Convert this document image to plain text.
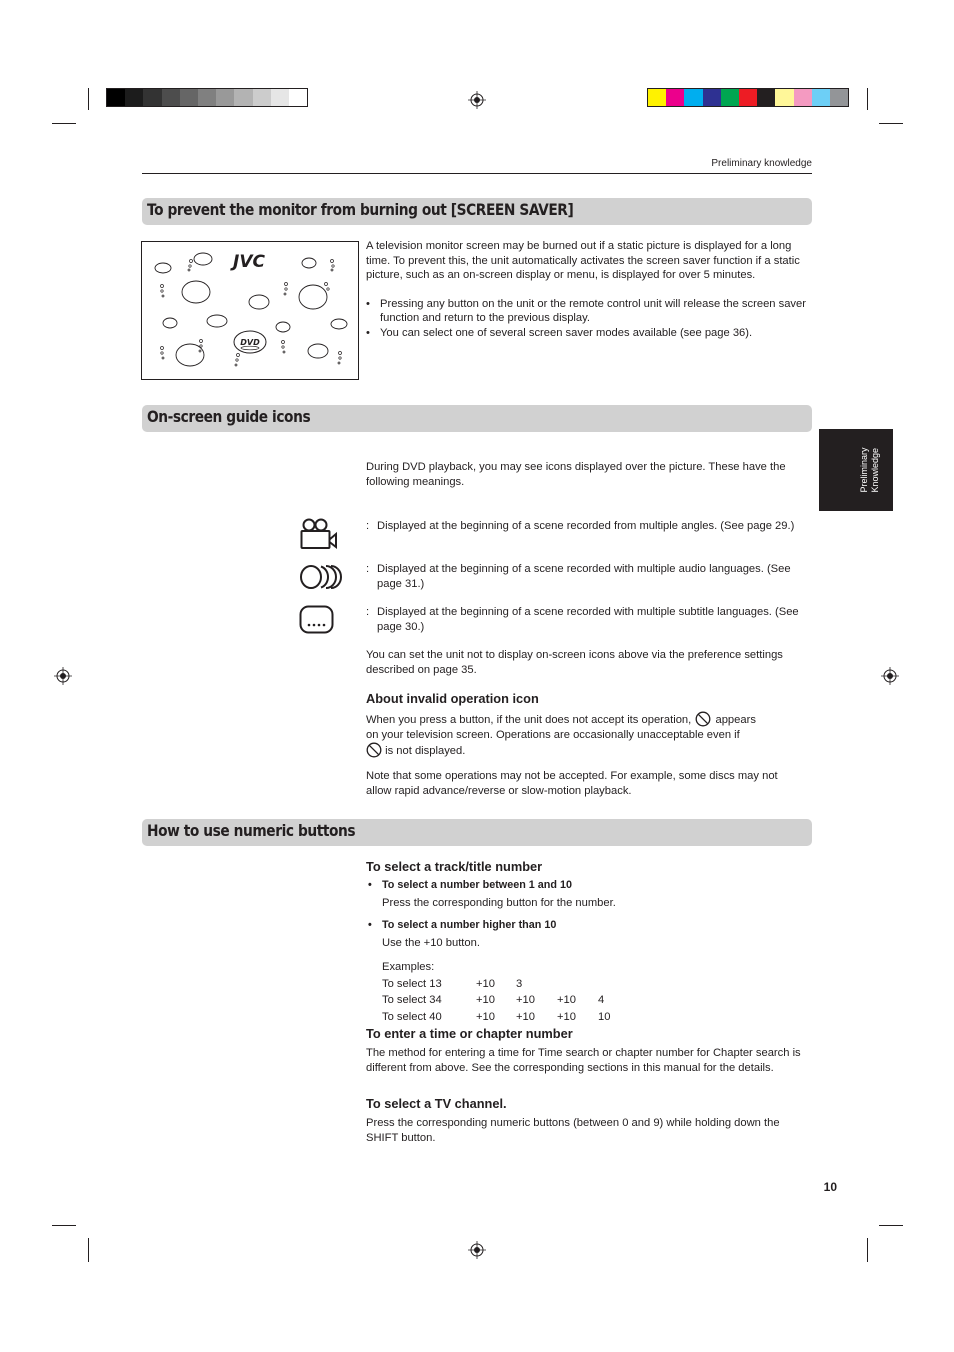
Preliminary knowledge
Preliminary Knowledge
To prevent the monitor from burning out [SCREEN SAVER]
JVC
DVD
A television monitor screen may be burned out if a static picture is displayed for a long time. To prevent this, the unit automatically activates the screen saver function if a static picture, such as an on-screen display or menu, is displayed for over 5 minutes.
• Pressing any button on the unit or the remote control unit will release the screen saver function and return to the previous display.
• You can select one of several screen saver modes available (see page 36).
On-screen guide icons
During DVD playback, you may see icons displayed over the picture. These have the following meanings.
: Displayed at the beginning of a scene recorded from multiple angles. (See page 29.)
: Displayed at the beginning of a scene recorded with multiple audio languages. (See page 31.)
: Displayed at the beginning of a scene recorded with multiple subtitle languages. (See page 30.)
You can set the unit not to display on-screen icons above via the preference settings described on page 35.
About invalid operation icon
When you press a button, if the unit does not accept its operation, appears
on your television screen. Operations are occasionally unacceptable even if
is not displayed.
Note that some operations may not be accepted. For example, some discs may not allow rapid advance/reverse or slow-motion playback.
How to use numeric buttons
To select a track/title number
• To select a number between 1 and 10
Press the corresponding button for the number.
• To select a number higher than 10
Use the +10 button.
Examples:				
To select 13	+10	3		
To select 34	+10	+10	+10	4
To select 40	+10	+10	+10	10
To enter a time or chapter number
The method for entering a time for Time search or chapter number for Chapter search is different from above. See the corresponding sections in this manual for the details.
To select a TV channel.
Press the corresponding numeric buttons (between 0 and 9) while holding down the SHIFT button.
10
